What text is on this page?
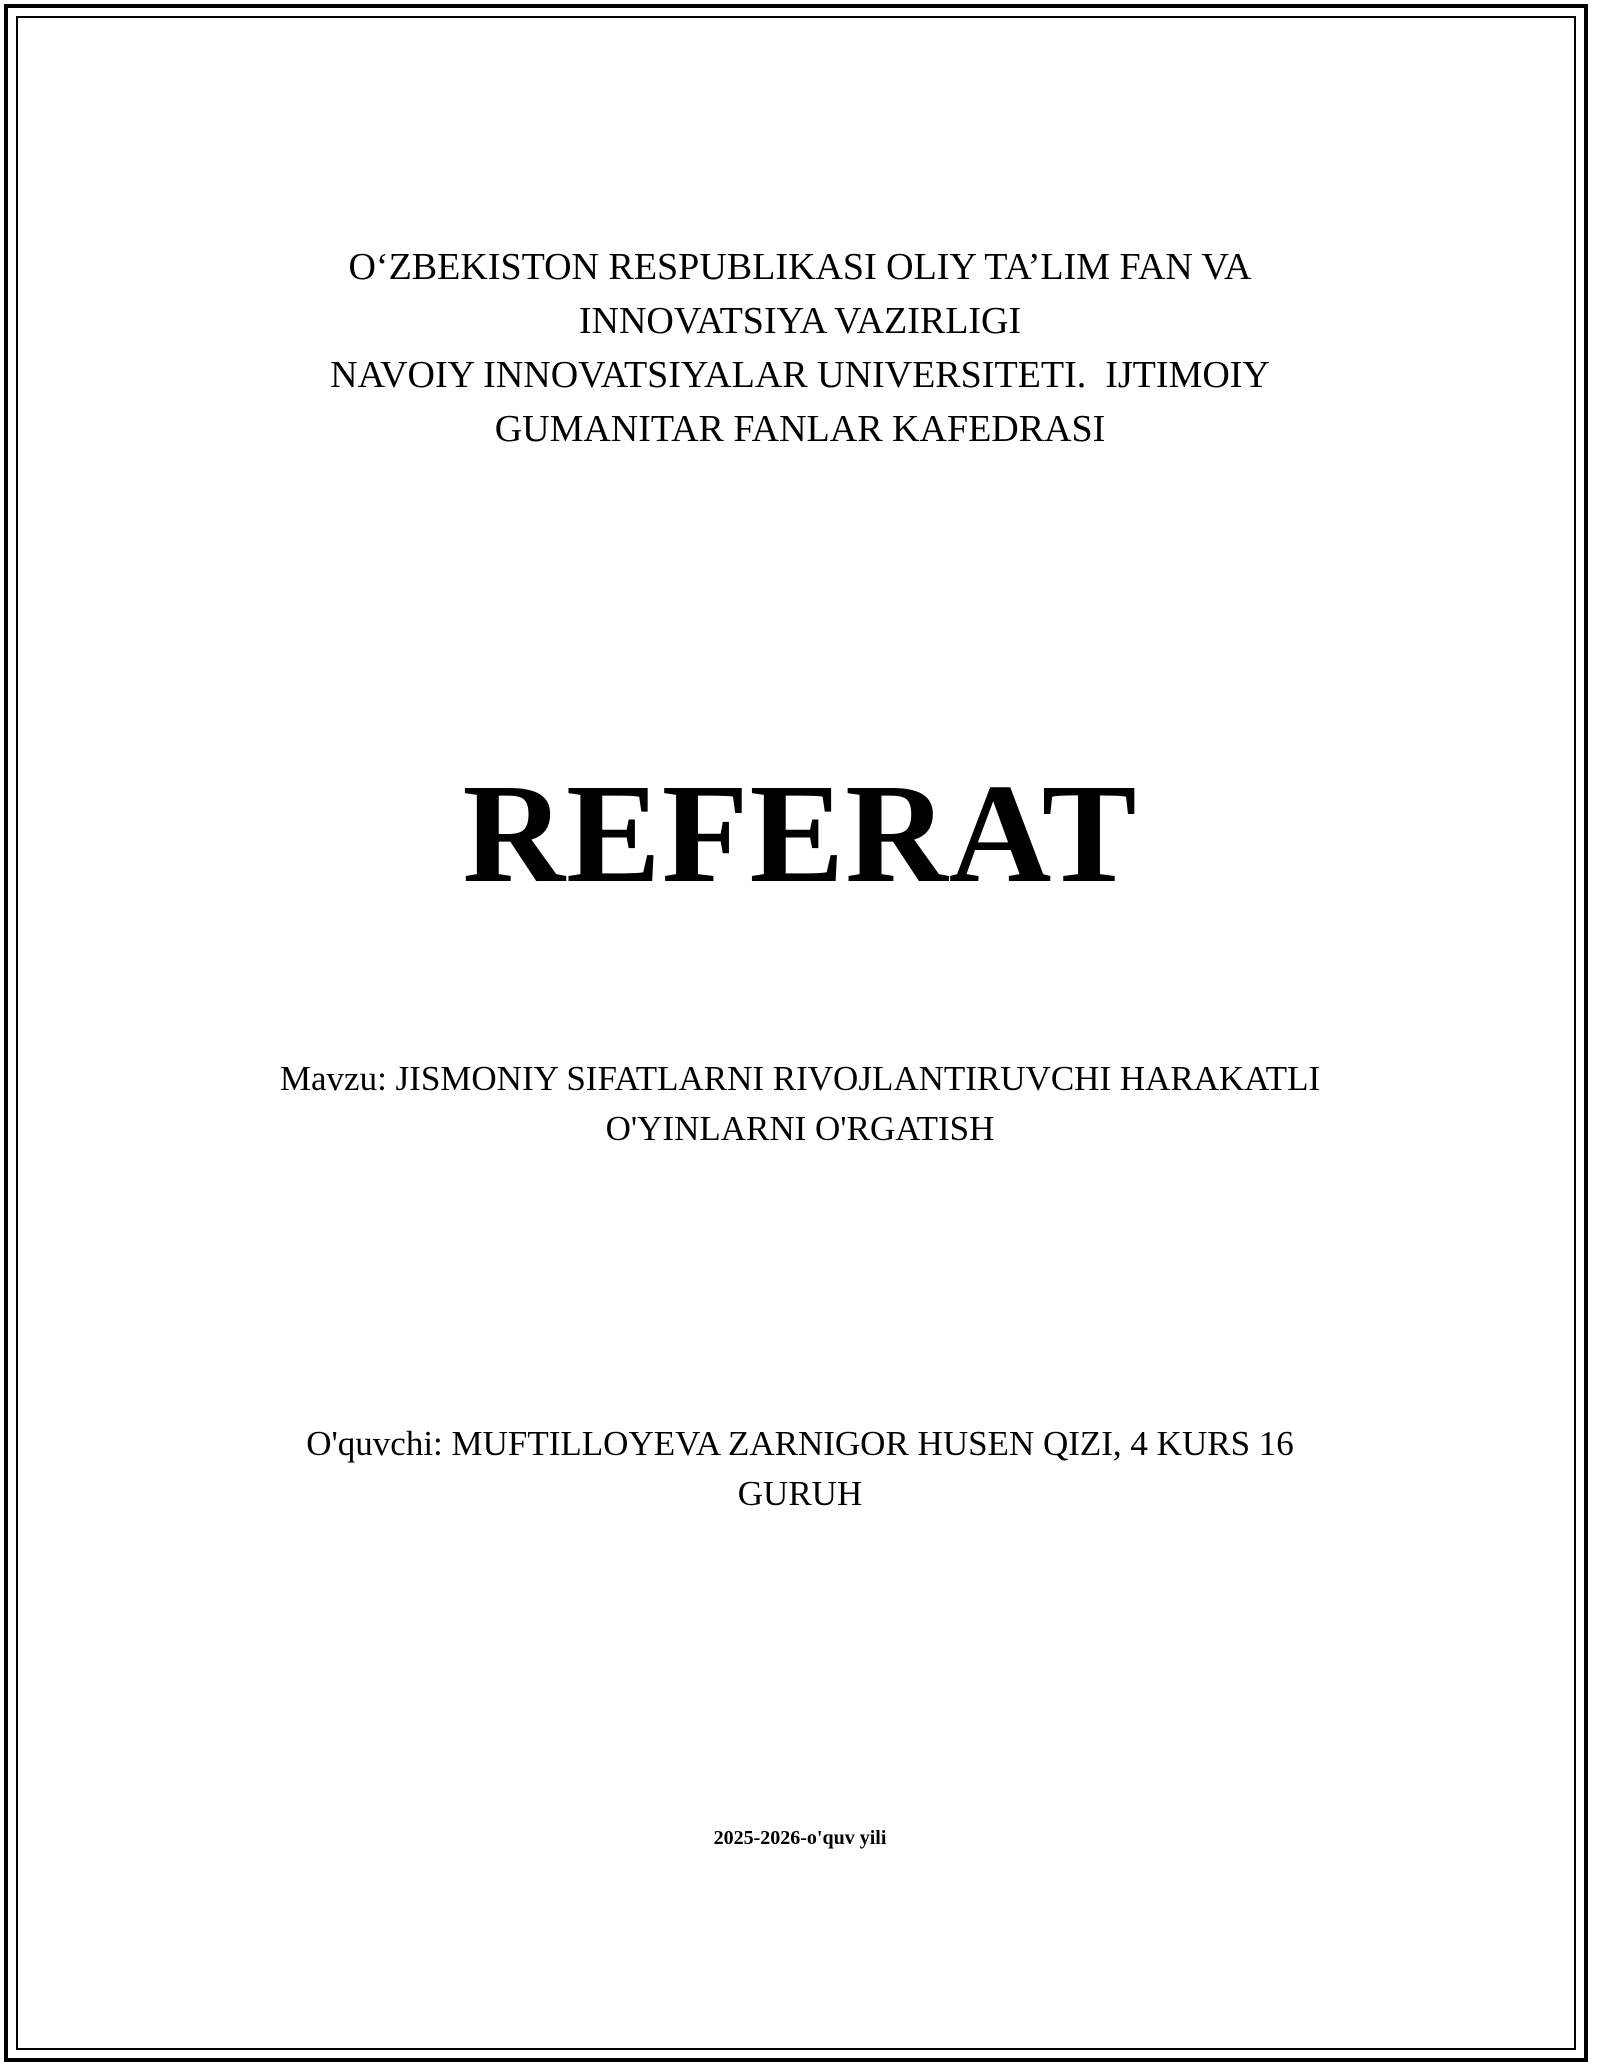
O‘ZBEKISTON RESPUBLIKASI OLIY TA’LIM FAN VA
INNOVATSIYA VAZIRLIGI
NAVOIY INNOVATSIYALAR UNIVERSITETI.  IJTIMOIY
GUMANITAR FANLAR KAFEDRASI
REFERAT
Mavzu: JISMONIY SIFATLARNI RIVOJLANTIRUVCHI HARAKATLI
O'YINLARNI O'RGATISH
O'quvchi: MUFTILLOYEVA ZARNIGOR HUSEN QIZI, 4 KURS 16
GURUH
2025-2026-o'quv yili
